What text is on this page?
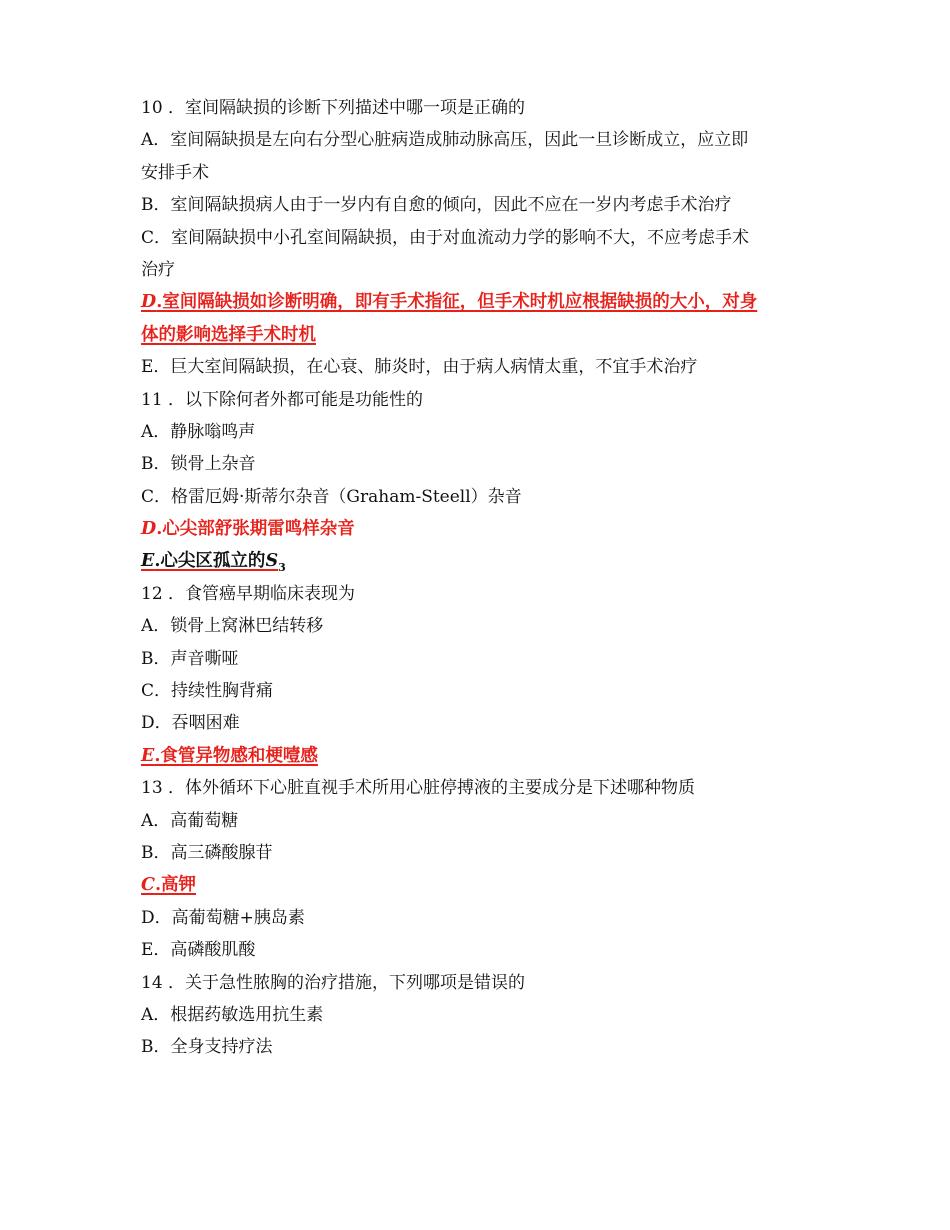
10 ．室间隔缺损的诊断下列描述中哪一项是正确的
A．室间隔缺损是左向右分型心脏病造成肺动脉高压，因此一旦诊断成立，应立即
安排手术
B．室间隔缺损病人由于一岁内有自愈的倾向，因此不应在一岁内考虑手术治疗
C．室间隔缺损中小孔室间隔缺损，由于对血流动力学的影响不大，不应考虑手术
治疗
D.室间隔缺损如诊断明确，即有手术指征，但手术时机应根据缺损的大小，对身
体的影响选择手术时机
E．巨大室间隔缺损，在心衰、肺炎时，由于病人病情太重，不宜手术治疗
11 ．以下除何者外都可能是功能性的
A．静脉嗡鸣声
B．锁骨上杂音
C．格雷厄姆·斯蒂尔杂音（Graham-Steell）杂音
D.心尖部舒张期雷鸣样杂音
E.心尖区孤立的$S_3$
12 ．食管癌早期临床表现为
A．锁骨上窝淋巴结转移
B．声音嘶哑
C．持续性胸背痛
D．吞咽困难
E.食管异物感和梗噎感
13 ．体外循环下心脏直视手术所用心脏停搏液的主要成分是下述哪种物质
A．高葡萄糖
B．高三磷酸腺苷
C.高钾
D．高葡萄糖+胰岛素
E．高磷酸肌酸
14 ．关于急性脓胸的治疗措施，下列哪项是错误的
A．根据药敏选用抗生素
B．全身支持疗法
